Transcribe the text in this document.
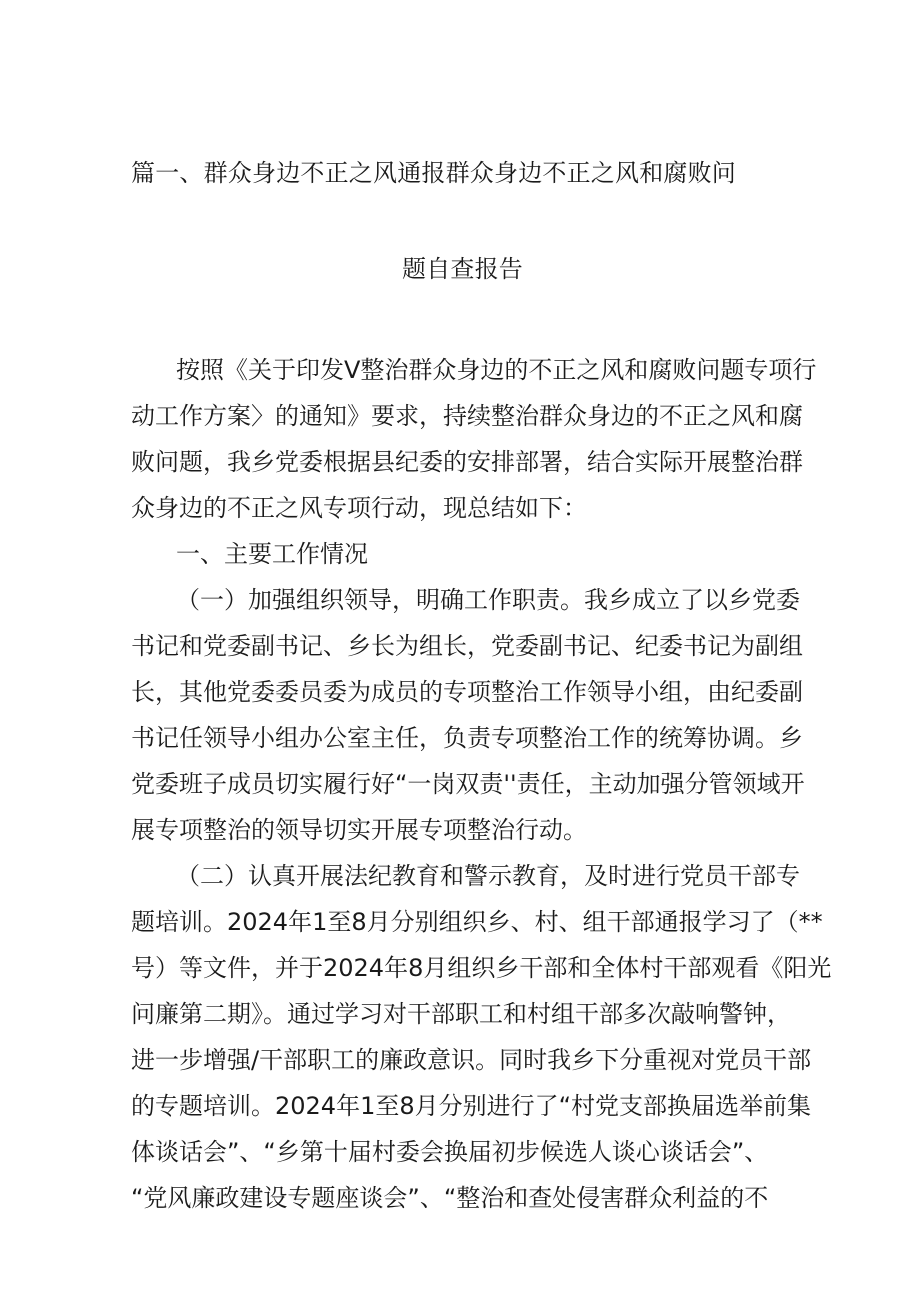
篇一、群众身边不正之风通报群众身边不正之风和腐败问
题自查报告
按照《关于印发V整治群众身边的不正之风和腐败问题专项行
动工作方案〉的通知》要求，持续整治群众身边的不正之风和腐
败问题，我乡党委根据县纪委的安排部署，结合实际开展整治群
众身边的不正之风专项行动，现总结如下：
一、主要工作情况
（一）加强组织领导，明确工作职责。我乡成立了以乡党委
书记和党委副书记、乡长为组长，党委副书记、纪委书记为副组
长，其他党委委员委为成员的专项整治工作领导小组，由纪委副
书记任领导小组办公室主任，负责专项整治工作的统筹协调。乡
党委班子成员切实履行好“一岗双责''责任，主动加强分管领域开
展专项整治的领导切实开展专项整治行动。
（二）认真开展法纪教育和警示教育，及时进行党员干部专
题培训。2024年1至8月分别组织乡、村、组干部通报学习了（**
号）等文件，并于2024年8月组织乡干部和全体村干部观看《阳光
问廉第二期》。通过学习对干部职工和村组干部多次敲响警钟，
进一步增强/干部职工的廉政意识。同时我乡下分重视对党员干部
的专题培训。2024年1至8月分别进行了“村党支部换届选举前集
体谈话会”、“乡第十届村委会换届初步候选人谈心谈话会”、
“党风廉政建设专题座谈会”、“整治和查处侵害群众利益的不
